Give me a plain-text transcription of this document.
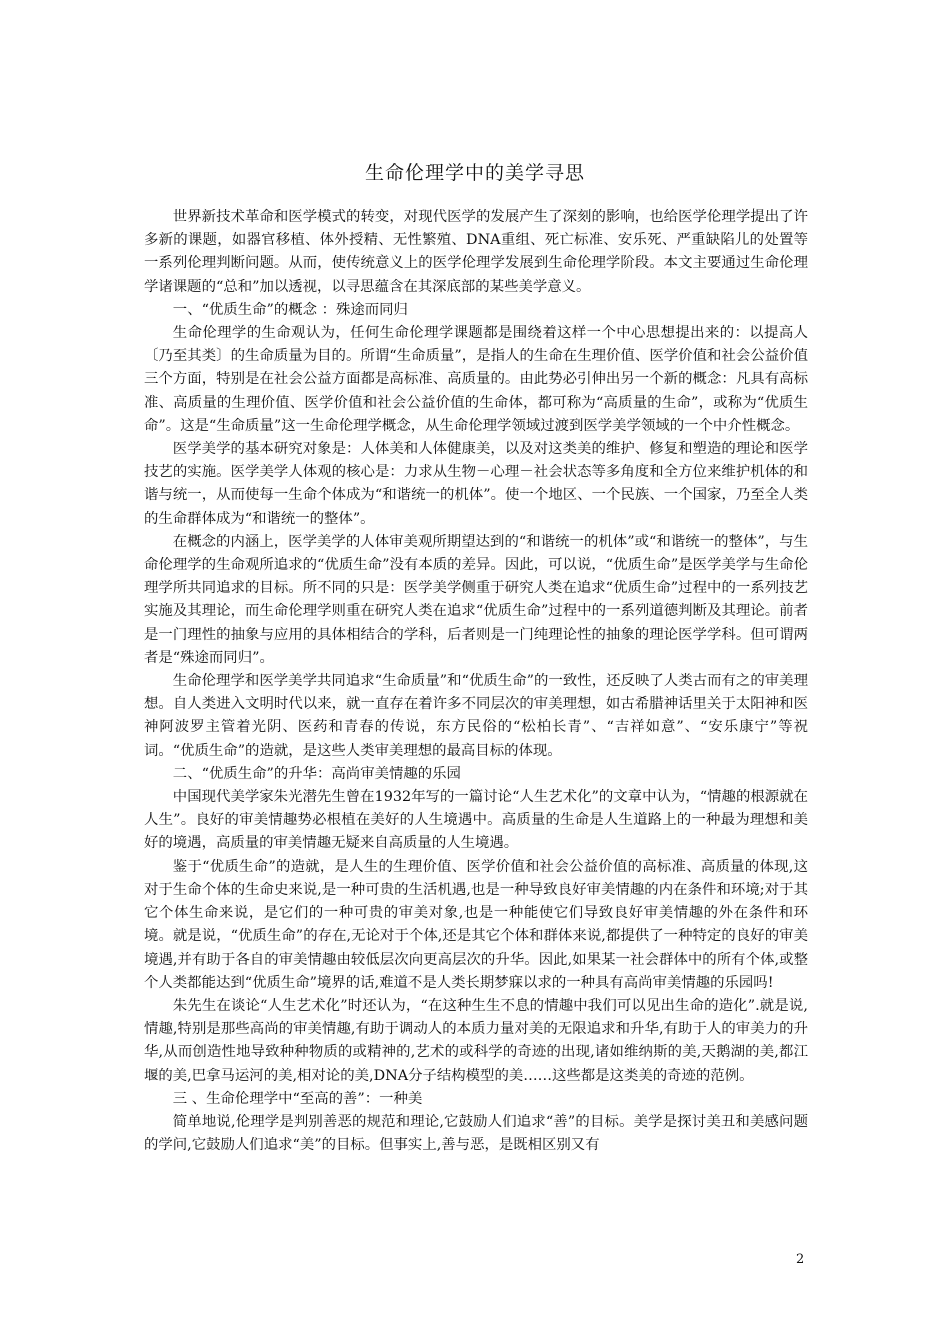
生命伦理学中的美学寻思

世界新技术革命和医学模式的转变，对现代医学的发展产生了深刻的影响，也给医学伦理学提出了许多新的课题，如器官移植、体外授精、无性繁殖、DNA重组、死亡标准、安乐死、严重缺陷儿的处置等一系列伦理判断问题。从而，使传统意义上的医学伦理学发展到生命伦理学阶段。本文主要通过生命伦理学诸课题的“总和”加以透视，以寻思蕴含在其深底部的某些美学意义。

一、“优质生命”的概念 ：殊途而同归

生命伦理学的生命观认为，任何生命伦理学课题都是围绕着这样一个中心思想提出来的：以提高人〔乃至其类〕的生命质量为目的。所谓“生命质量”，是指人的生命在生理价值、医学价值和社会公益价值三个方面，特别是在社会公益方面都是高标准、高质量的。由此势必引伸出另一个新的概念：凡具有高标准、高质量的生理价值、医学价值和社会公益价值的生命体，都可称为“高质量的生命”，或称为“优质生命”。这是“生命质量”这一生命伦理学概念，从生命伦理学领域过渡到医学美学领域的一个中介性概念。

医学美学的基本研究对象是：人体美和人体健康美，以及对这类美的维护、修复和塑造的理论和医学技艺的实施。医学美学人体观的核心是：力求从生物－心理－社会状态等多角度和全方位来维护机体的和谐与统一，从而使每一生命个体成为“和谐统一的机体”。使一个地区、一个民族、一个国家，乃至全人类的生命群体成为“和谐统一的整体”。

在概念的内涵上，医学美学的人体审美观所期望达到的“和谐统一的机体”或“和谐统一的整体”，与生命伦理学的生命观所追求的“优质生命”没有本质的差异。因此，可以说，“优质生命”是医学美学与生命伦理学所共同追求的目标。所不同的只是：医学美学侧重于研究人类在追求“优质生命”过程中的一系列技艺实施及其理论，而生命伦理学则重在研究人类在追求“优质生命”过程中的一系列道德判断及其理论。前者是一门理性的抽象与应用的具体相结合的学科，后者则是一门纯理论性的抽象的理论医学学科。但可谓两者是“殊途而同归”。

生命伦理学和医学美学共同追求“生命质量”和“优质生命”的一致性，还反映了人类古而有之的审美理想。自人类进入文明时代以来，就一直存在着许多不同层次的审美理想，如古希腊神话里关于太阳神和医神阿波罗主管着光阴、医药和青春的传说，东方民俗的“松柏长青”、“吉祥如意”、“安乐康宁”等祝词。“优质生命”的造就，是这些人类审美理想的最高目标的体现。

二、“优质生命”的升华：高尚审美情趣的乐园

中国现代美学家朱光潜先生曾在1932年写的一篇讨论“人生艺术化”的文章中认为，“情趣的根源就在人生”。良好的审美情趣势必根植在美好的人生境遇中。高质量的生命是人生道路上的一种最为理想和美好的境遇，高质量的审美情趣无疑来自高质量的人生境遇。

鉴于“优质生命”的造就，是人生的生理价值、医学价值和社会公益价值的高标准、高质量的体现,这对于生命个体的生命史来说,是一种可贵的生活机遇,也是一种导致良好审美情趣的内在条件和环境;对于其它个体生命来说，是它们的一种可贵的审美对象,也是一种能使它们导致良好审美情趣的外在条件和环境。就是说，“优质生命”的存在,无论对于个体,还是其它个体和群体来说,都提供了一种特定的良好的审美境遇,并有助于各自的审美情趣由较低层次向更高层次的升华。因此,如果某一社会群体中的所有个体,或整个人类都能达到“优质生命”境界的话,难道不是人类长期梦寐以求的一种具有高尚审美情趣的乐园吗!

朱先生在谈论“人生艺术化”时还认为，“在这种生生不息的情趣中我们可以见出生命的造化”.就是说,情趣,特别是那些高尚的审美情趣,有助于调动人的本质力量对美的无限追求和升华,有助于人的审美力的升华,从而创造性地导致种种物质的或精神的,艺术的或科学的奇迹的出现,诸如维纳斯的美,天鹅湖的美,都江堰的美,巴拿马运河的美,相对论的美,DNA分子结构模型的美……这些都是这类美的奇迹的范例。

三 、生命伦理学中“至高的善”：一种美

简单地说,伦理学是判别善恶的规范和理论,它鼓励人们追求“善”的目标。美学是探讨美丑和美感问题的学问,它鼓励人们追求“美”的目标。但事实上,善与恶，是既相区别又有

2
